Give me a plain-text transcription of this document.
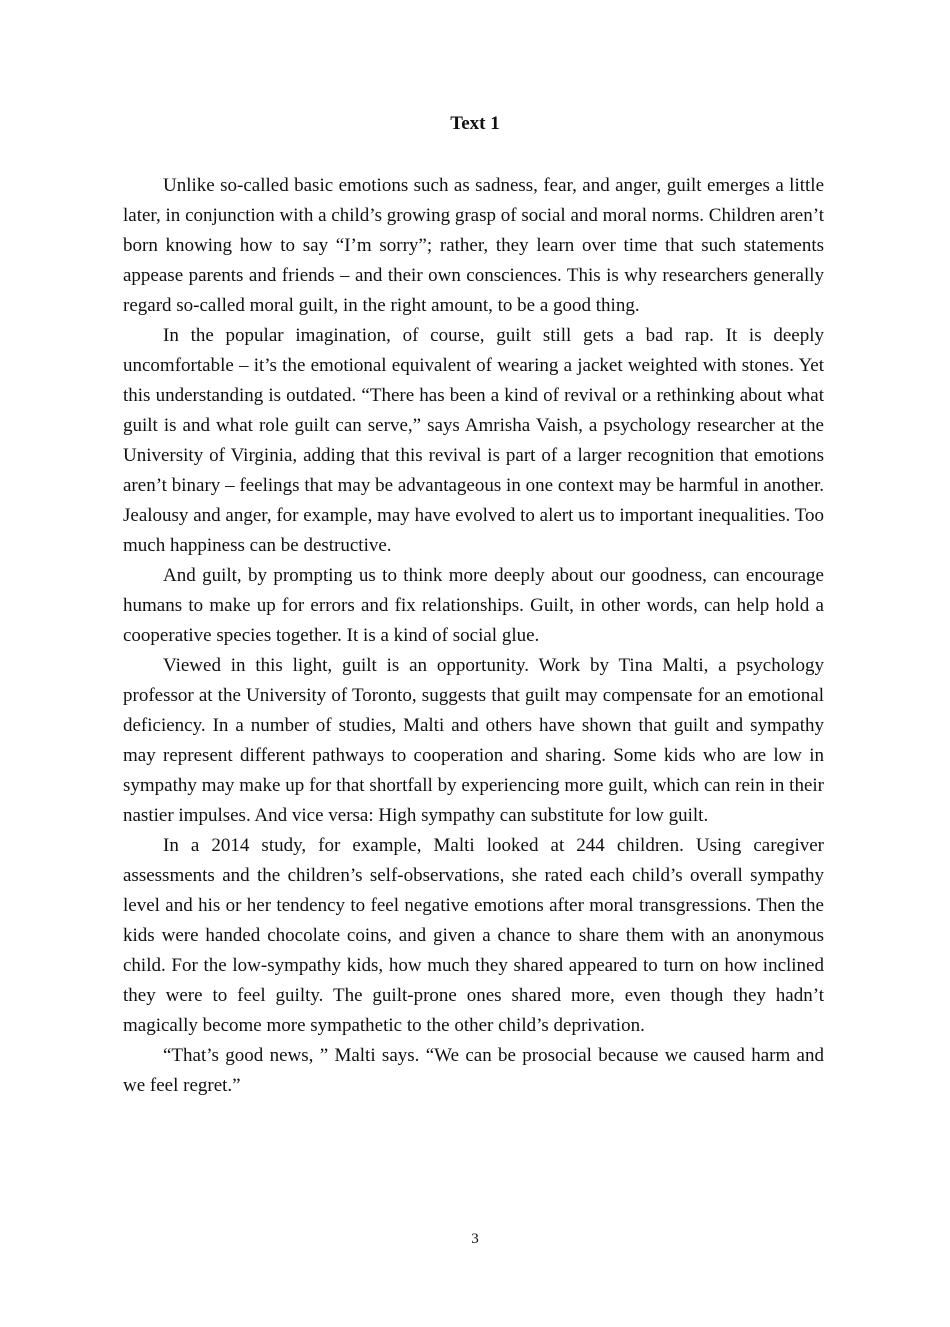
Text 1

Unlike so-called basic emotions such as sadness, fear, and anger, guilt emerges a little later, in conjunction with a child’s growing grasp of social and moral norms. Children aren’t born knowing how to say “I’m sorry”; rather, they learn over time that such statements appease parents and friends – and their own consciences. This is why researchers generally regard so-called moral guilt, in the right amount, to be a good thing.

In the popular imagination, of course, guilt still gets a bad rap. It is deeply uncomfortable – it’s the emotional equivalent of wearing a jacket weighted with stones. Yet this understanding is outdated. “There has been a kind of revival or a rethinking about what guilt is and what role guilt can serve,” says Amrisha Vaish, a psychology researcher at the University of Virginia, adding that this revival is part of a larger recognition that emotions aren’t binary – feelings that may be advantageous in one context may be harmful in another. Jealousy and anger, for example, may have evolved to alert us to important inequalities. Too much happiness can be destructive.

And guilt, by prompting us to think more deeply about our goodness, can encourage humans to make up for errors and fix relationships. Guilt, in other words, can help hold a cooperative species together. It is a kind of social glue.

Viewed in this light, guilt is an opportunity. Work by Tina Malti, a psychology professor at the University of Toronto, suggests that guilt may compensate for an emotional deficiency. In a number of studies, Malti and others have shown that guilt and sympathy may represent different pathways to cooperation and sharing. Some kids who are low in sympathy may make up for that shortfall by experiencing more guilt, which can rein in their nastier impulses. And vice versa: High sympathy can substitute for low guilt.

In a 2014 study, for example, Malti looked at 244 children. Using caregiver assessments and the children’s self-observations, she rated each child’s overall sympathy level and his or her tendency to feel negative emotions after moral transgressions. Then the kids were handed chocolate coins, and given a chance to share them with an anonymous child. For the low-sympathy kids, how much they shared appeared to turn on how inclined they were to feel guilty. The guilt-prone ones shared more, even though they hadn’t magically become more sympathetic to the other child’s deprivation.

“That’s good news, ” Malti says. “We can be prosocial because we caused harm and we feel regret.”

3
